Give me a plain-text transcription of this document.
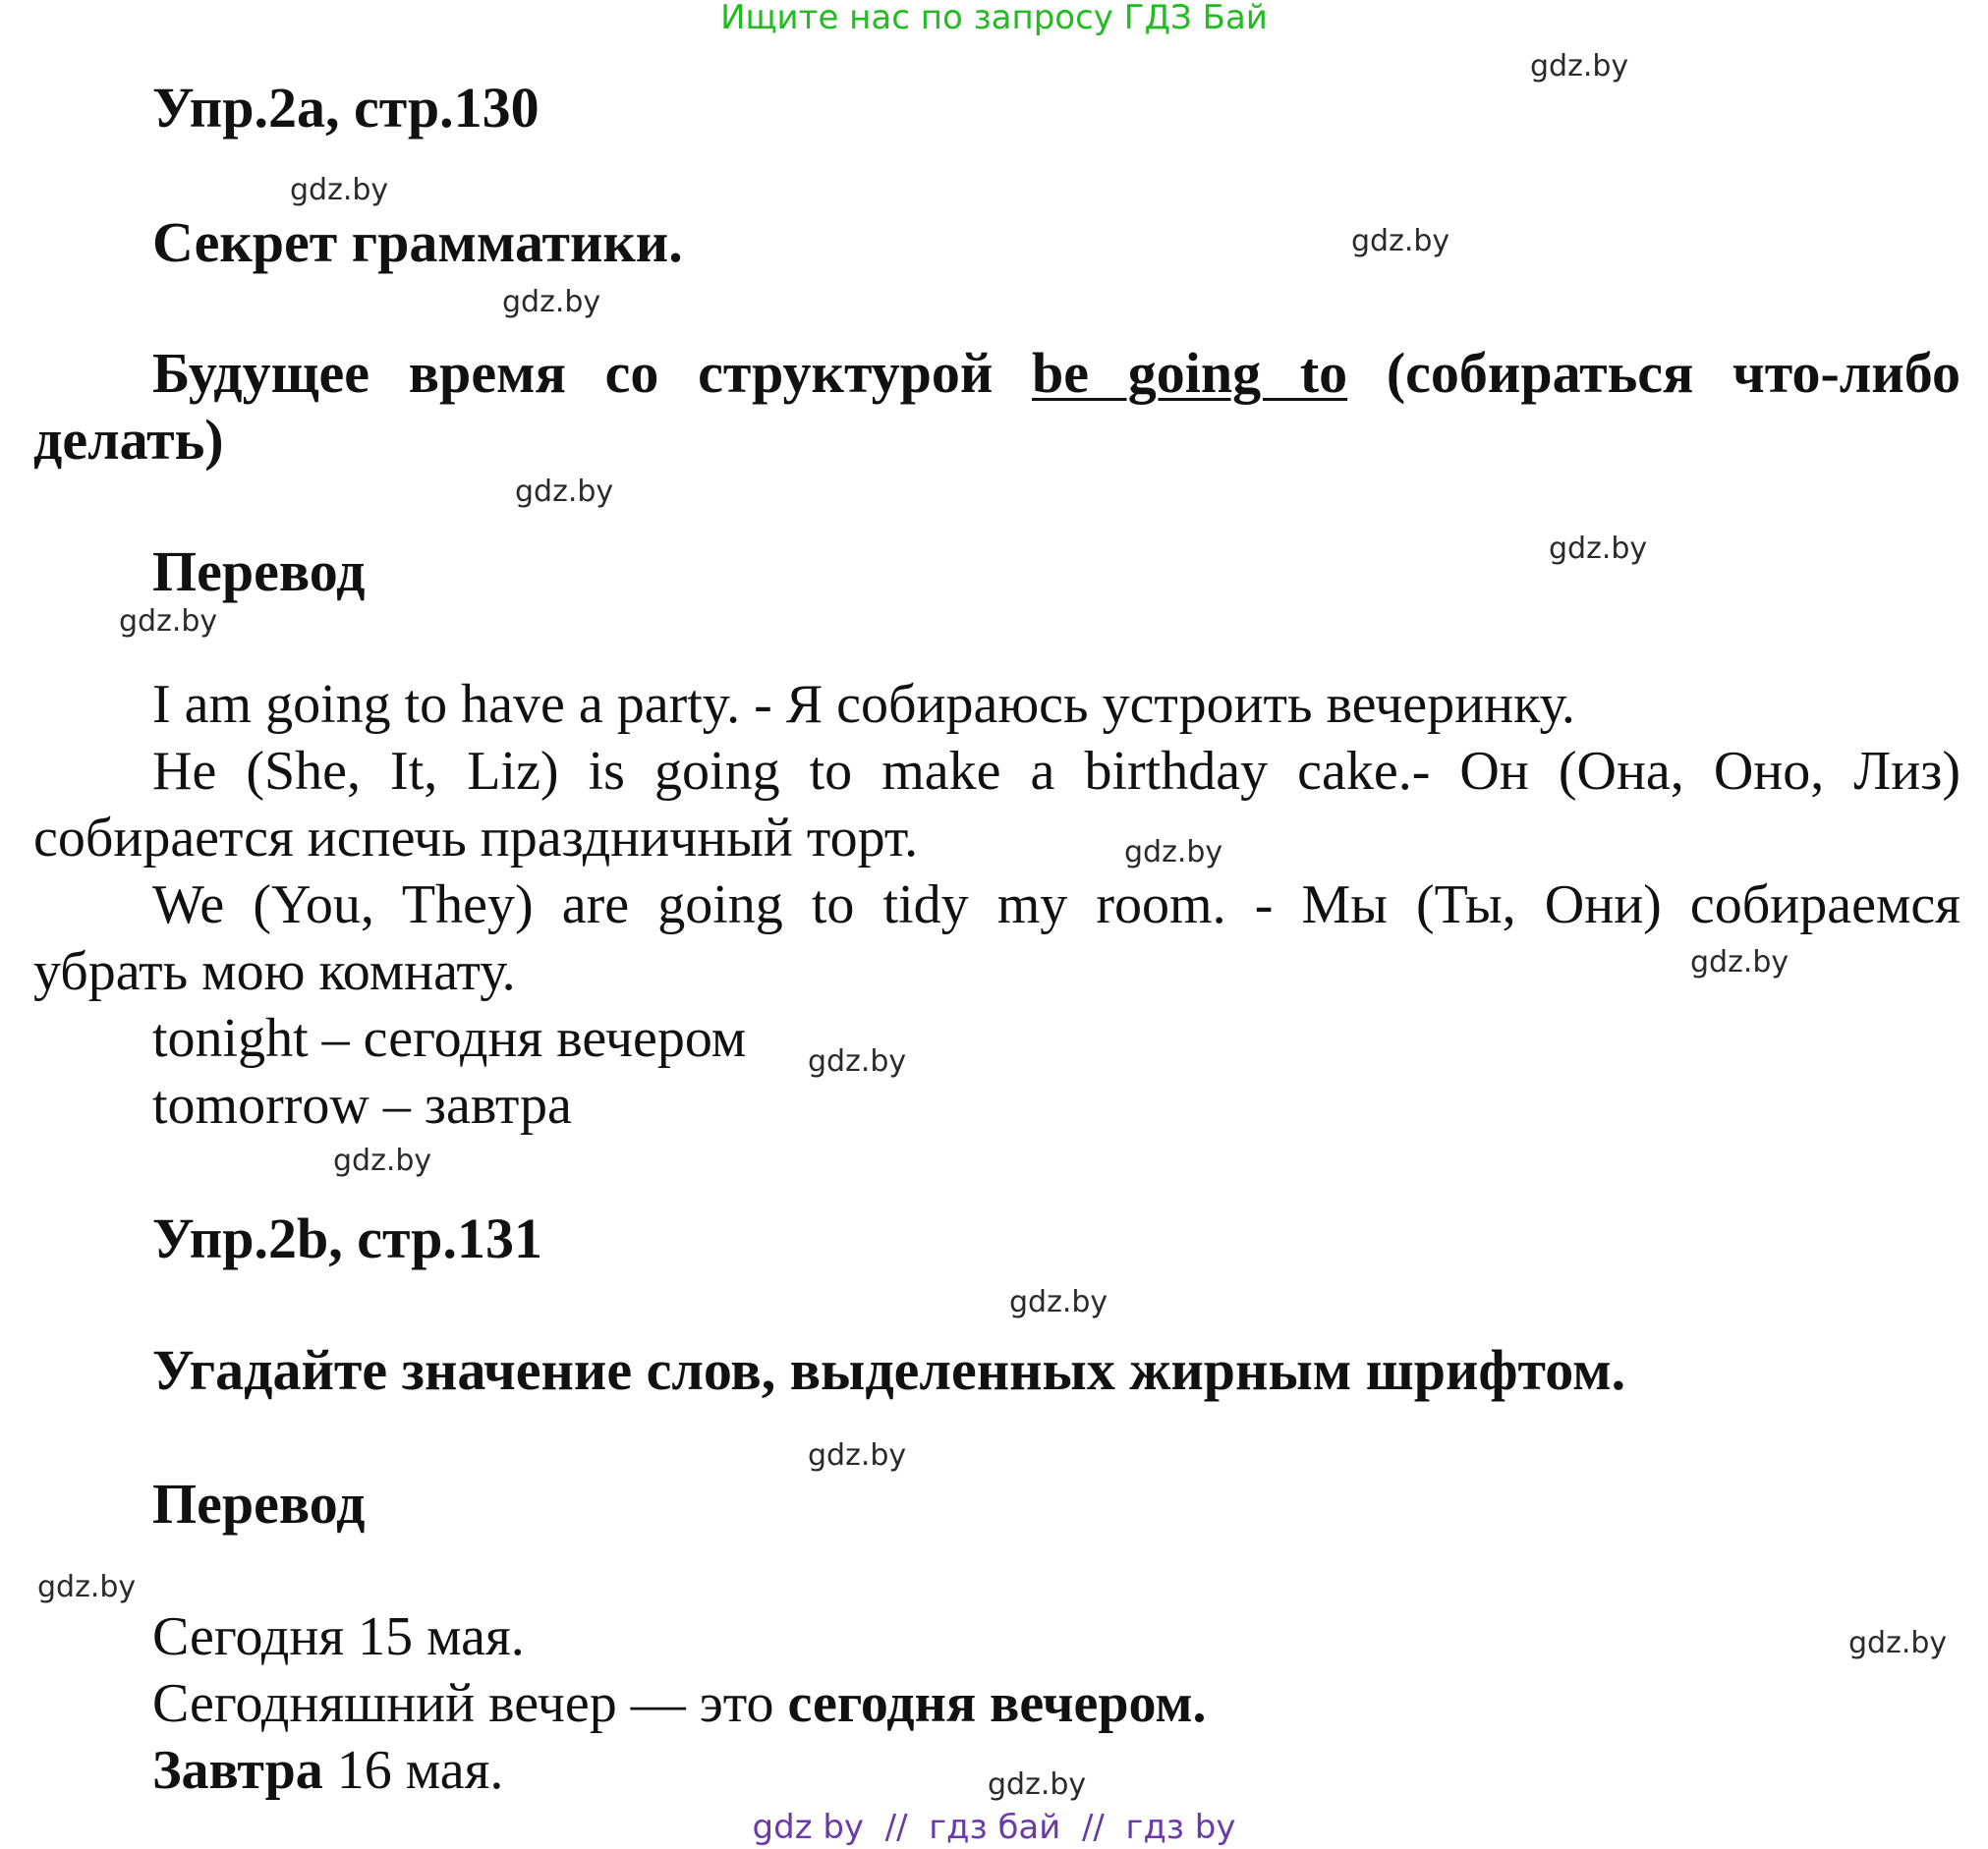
Ищите нас по запросу ГДЗ Бай
gdz.by
gdz.by
gdz.by
gdz.by
gdz.by
gdz.by
gdz.by
gdz.by
gdz.by
gdz.by
gdz.by
gdz.by
gdz.by
gdz.by
gdz.by
gdz.by
Упр.2a, стр.130
Секрет грамматики.
Будущее время со структурой be going to (собираться что-либо
делать)
Перевод
I am going to have a party. - Я собираюсь устроить вечеринку.
He (She, It, Liz) is going to make a birthday cake.- Он (Она, Оно, Лиз)
собирается испечь праздничный торт.
We (You, They) are going to tidy my room. - Мы (Ты, Они) собираемся
убрать мою комнату.
tonight – сегодня вечером
tomorrow – завтра
Упр.2b, стр.131
Угадайте значение слов, выделенных жирным шрифтом.
Перевод
Сегодня 15 мая.
Сегодняшний вечер — это сегодня вечером.
Завтра 16 мая.
gdz by  //  гдз бай  //  гдз by
